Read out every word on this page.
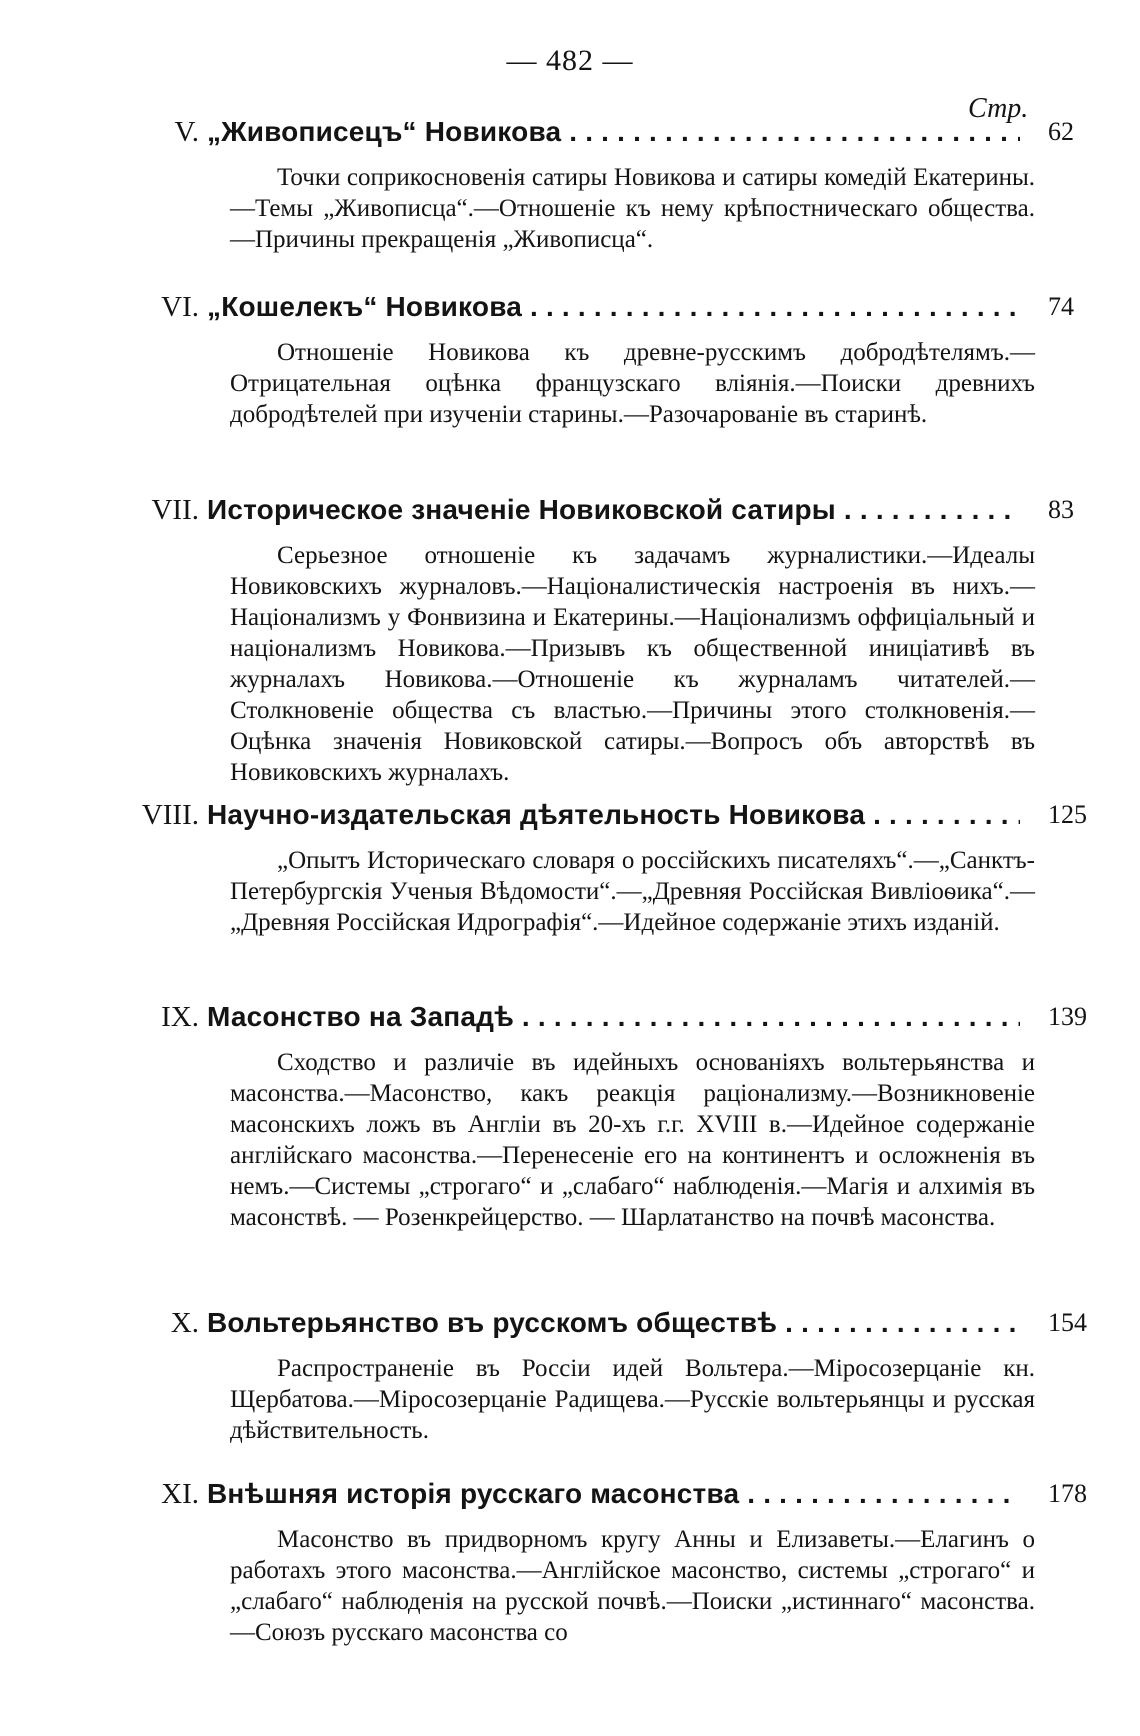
— 482 —
Стр.
V. „Живописецъ“ Новикова . . .	62
Точки соприкосновенія сатиры Новикова и сатиры комедій Екатерины.—Темы „Живописца“.—Отношеніе къ нему крѣпостническаго общества.—Причины прекращенія „Живописца“.
VI. „Кошелекъ“ Новикова . . .	74
Отношеніе Новикова къ древне-русскимъ добродѣтелямъ.—Отрицательная оцѣнка французскаго вліянія.—Поиски древнихъ добродѣтелей при изученіи старины.—Разочарованіе въ старинѣ.
VII. Историческое значеніе Новиковской сатиры . . .	83
Серьезное отношеніе къ задачамъ журналистики.—Идеалы Новиковскихъ журналовъ.—Націоналистическія настроенія въ нихъ.—Націонализмъ у Фонвизина и Екатерины.—Націонализмъ оффиціальный и націонализмъ Новикова.—Призывъ къ общественной иниціативѣ въ журналахъ Новикова.—Отношеніе къ журналамъ читателей.—Столкновеніе общества съ властью.—Причины этого столкновенія.—Оцѣнка значенія Новиковской сатиры.—Вопросъ объ авторствѣ въ Новиковскихъ журналахъ.
VIII. Научно-издательская дѣятельность Новикова . . .	125
„Опытъ Историческаго словаря о россійскихъ писателяхъ“.—„Санктъ-Петербургскія Ученыя Вѣдомости“.—„Древняя Россійская Вивліоѳика“.—„Древняя Россійская Идрографія“.—Идейное содержаніе этихъ изданій.
IX. Масонство на Западѣ . . .	139
Сходство и различіе въ идейныхъ основаніяхъ вольтерьянства и масонства.—Масонство, какъ реакція раціонализму.—Возникновеніе масонскихъ ложъ въ Англіи въ 20-хъ г.г. XVIII в.—Идейное содержаніе англійскаго масонства.—Перенесеніе его на континентъ и осложненія въ немъ.—Системы „строгаго“ и „слабаго“ наблюденія.—Магія и алхимія въ масонствѣ. — Розенкрейцерство. — Шарлатанство на почвѣ масонства.
X. Вольтерьянство въ русскомъ обществѣ . . .	154
Распространеніе въ Россіи идей Вольтера.—Міросозерцаніе кн. Щербатова.—Міросозерцаніе Радищева.—Русскіе вольтерьянцы и русская дѣйствительность.
XI. Внѣшняя исторія русскаго масонства . . .	178
Масонство въ придворномъ кругу Анны и Елизаветы.—Елагинъ о работахъ этого масонства.—Англійское масонство, системы „строгаго“ и „слабаго“ наблюденія на русской почвѣ.—Поиски „истиннаго“ масонства.—Союзъ русскаго масонства со
